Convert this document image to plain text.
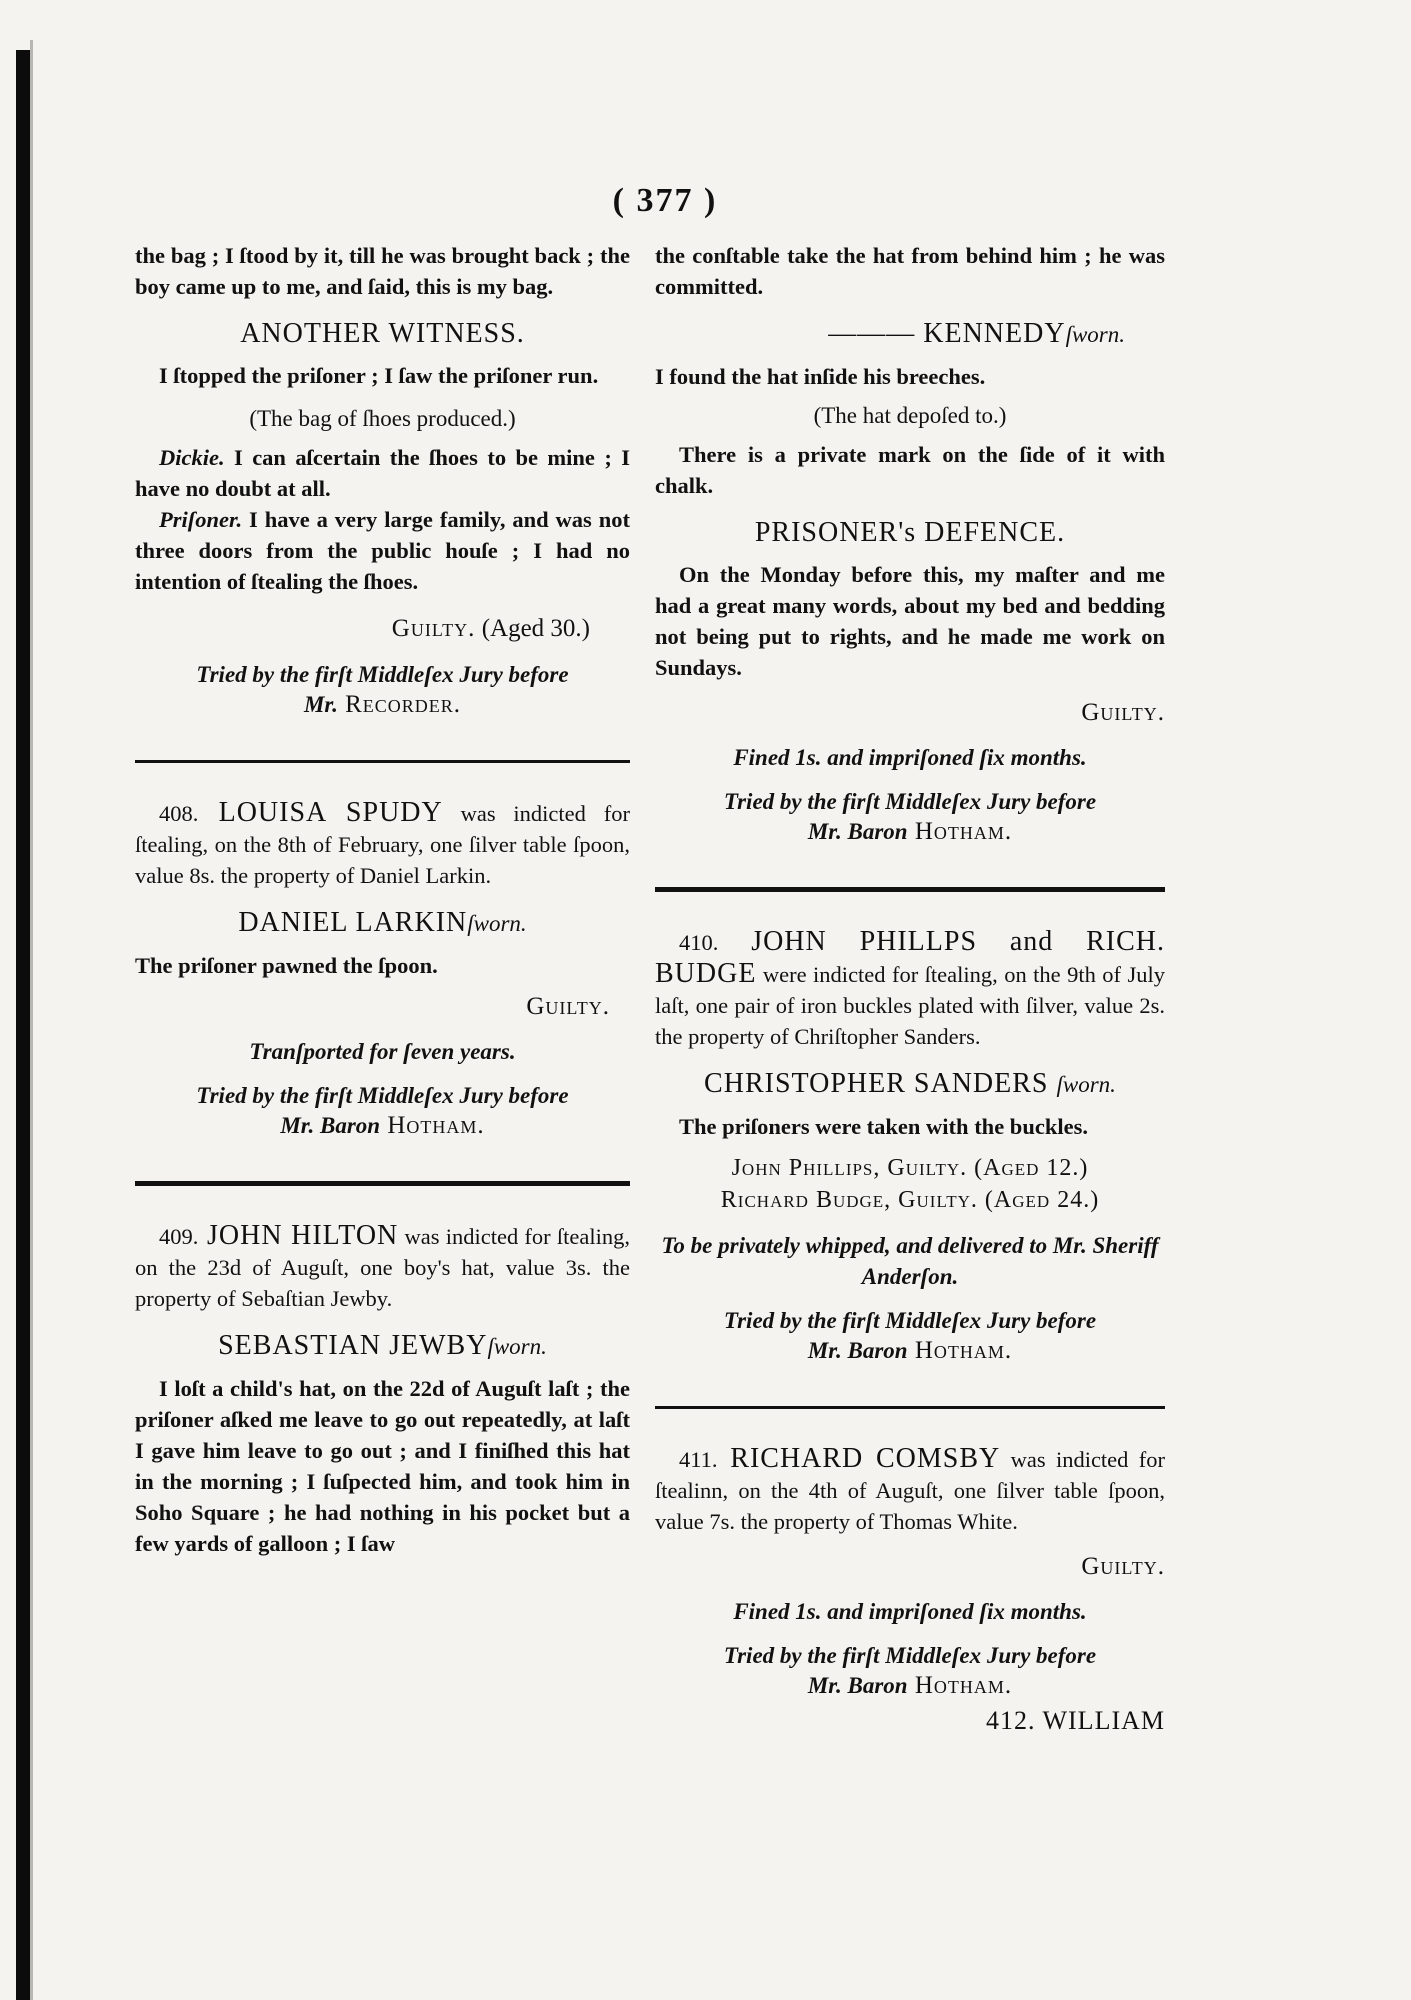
( 377 )

the bag ; I ſtood by it, till he was brought back ; the boy came up to me, and ſaid, this is my bag.

ANOTHER WITNESS.

I ſtopped the priſoner ; I ſaw the priſoner run.

(The bag of ſhoes produced.)

Dickie. I can aſcertain the ſhoes to be mine ; I have no doubt at all.

Priſoner. I have a very large family, and was not three doors from the public houſe ; I had no intention of ſtealing the ſhoes.

Guilty. (Aged 30.)

Tried by the firſt Middleſex Jury before
Mr. Recorder.

408. LOUISA SPUDY was indicted for ſtealing, on the 8th of February, one ſilver table ſpoon, value 8s. the property of Daniel Larkin.

DANIEL LARKINſworn.

The priſoner pawned the ſpoon.

Guilty.

Tranſported for ſeven years.

Tried by the firſt Middleſex Jury before
Mr. Baron Hotham.

409. JOHN HILTON was indicted for ſtealing, on the 23d of Auguſt, one boy's hat, value 3s. the property of Sebaſtian Jewby.

SEBASTIAN JEWBYſworn.

I loſt a child's hat, on the 22d of Auguſt laſt ; the priſoner aſked me leave to go out repeatedly, at laſt I gave him leave to go out ; and I finiſhed this hat in the morning ; I ſuſpected him, and took him in Soho Square ; he had nothing in his pocket but a few yards of galloon ; I ſaw

the conſtable take the hat from behind him ; he was committed.

——— KENNEDYſworn.

I found the hat inſide his breeches.

(The hat depoſed to.)

There is a private mark on the ſide of it with chalk.

PRISONER's DEFENCE.

On the Monday before this, my maſter and me had a great many words, about my bed and bedding not being put to rights, and he made me work on Sundays.

Guilty.

Fined 1s. and impriſoned ſix months.

Tried by the firſt Middleſex Jury before
Mr. Baron Hotham.

410. JOHN PHILLPS and RICH. BUDGE were indicted for ſtealing, on the 9th of July laſt, one pair of iron buckles plated with ſilver, value 2s. the property of Chriſtopher Sanders.

CHRISTOPHER SANDERS ſworn.

The priſoners were taken with the buckles.

John Phillips, Guilty. (Aged 12.)

Richard Budge, Guilty. (Aged 24.)

To be privately whipped, and delivered to Mr. Sheriff Anderſon.

Tried by the firſt Middleſex Jury before
Mr. Baron Hotham.

411. RICHARD COMSBY was indicted for ſtealinn, on the 4th of Auguſt, one ſilver table ſpoon, value 7s. the property of Thomas White.

Guilty.

Fined 1s. and impriſoned ſix months.

Tried by the firſt Middleſex Jury before
Mr. Baron Hotham.

412. WILLIAM
